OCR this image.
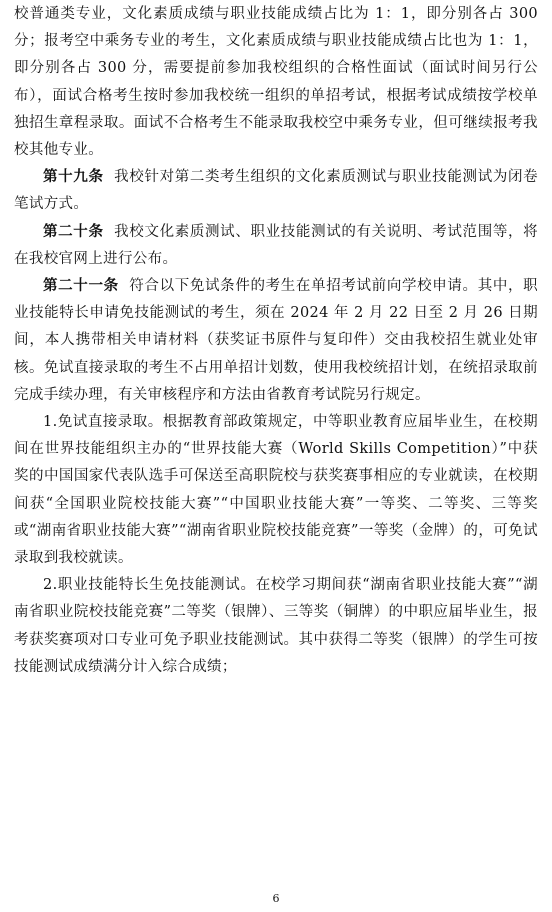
校普通类专业，文化素质成绩与职业技能成绩占比为 1：1，即分别各占 300 分；报考空中乘务专业的考生，文化素质成绩与职业技能成绩占比也为 1：1，即分别各占 300 分，需要提前参加我校组织的合格性面试（面试时间另行公布），面试合格考生按时参加我校统一组织的单招考试，根据考试成绩按学校单独招生章程录取。面试不合格考生不能录取我校空中乘务专业，但可继续报考我校其他专业。

第十九条 我校针对第二类考生组织的文化素质测试与职业技能测试为闭卷笔试方式。

第二十条 我校文化素质测试、职业技能测试的有关说明、考试范围等，将在我校官网上进行公布。

第二十一条 符合以下免试条件的考生在单招考试前向学校申请。其中，职业技能特长申请免技能测试的考生，须在 2024 年 2 月 22 日至 2 月 26 日期间，本人携带相关申请材料（获奖证书原件与复印件）交由我校招生就业处审核。免试直接录取的考生不占用单招计划数，使用我校统招计划，在统招录取前完成手续办理，有关审核程序和方法由省教育考试院另行规定。

1.免试直接录取。根据教育部政策规定，中等职业教育应届毕业生，在校期间在世界技能组织主办的“世界技能大赛（World Skills Competition）”中获奖的中国国家代表队选手可保送至高职院校与获奖赛事相应的专业就读，在校期间获“全国职业院校技能大赛”“中国职业技能大赛”一等奖、二等奖、三等奖或“湖南省职业技能大赛”“湖南省职业院校技能竞赛”一等奖（金牌）的，可免试录取到我校就读。

2.职业技能特长生免技能测试。在校学习期间获“湖南省职业技能大赛”“湖南省职业院校技能竞赛”二等奖（银牌）、三等奖（铜牌）的中职应届毕业生，报考获奖赛项对口专业可免予职业技能测试。其中获得二等奖（银牌）的学生可按技能测试成绩满分计入综合成绩；

6
